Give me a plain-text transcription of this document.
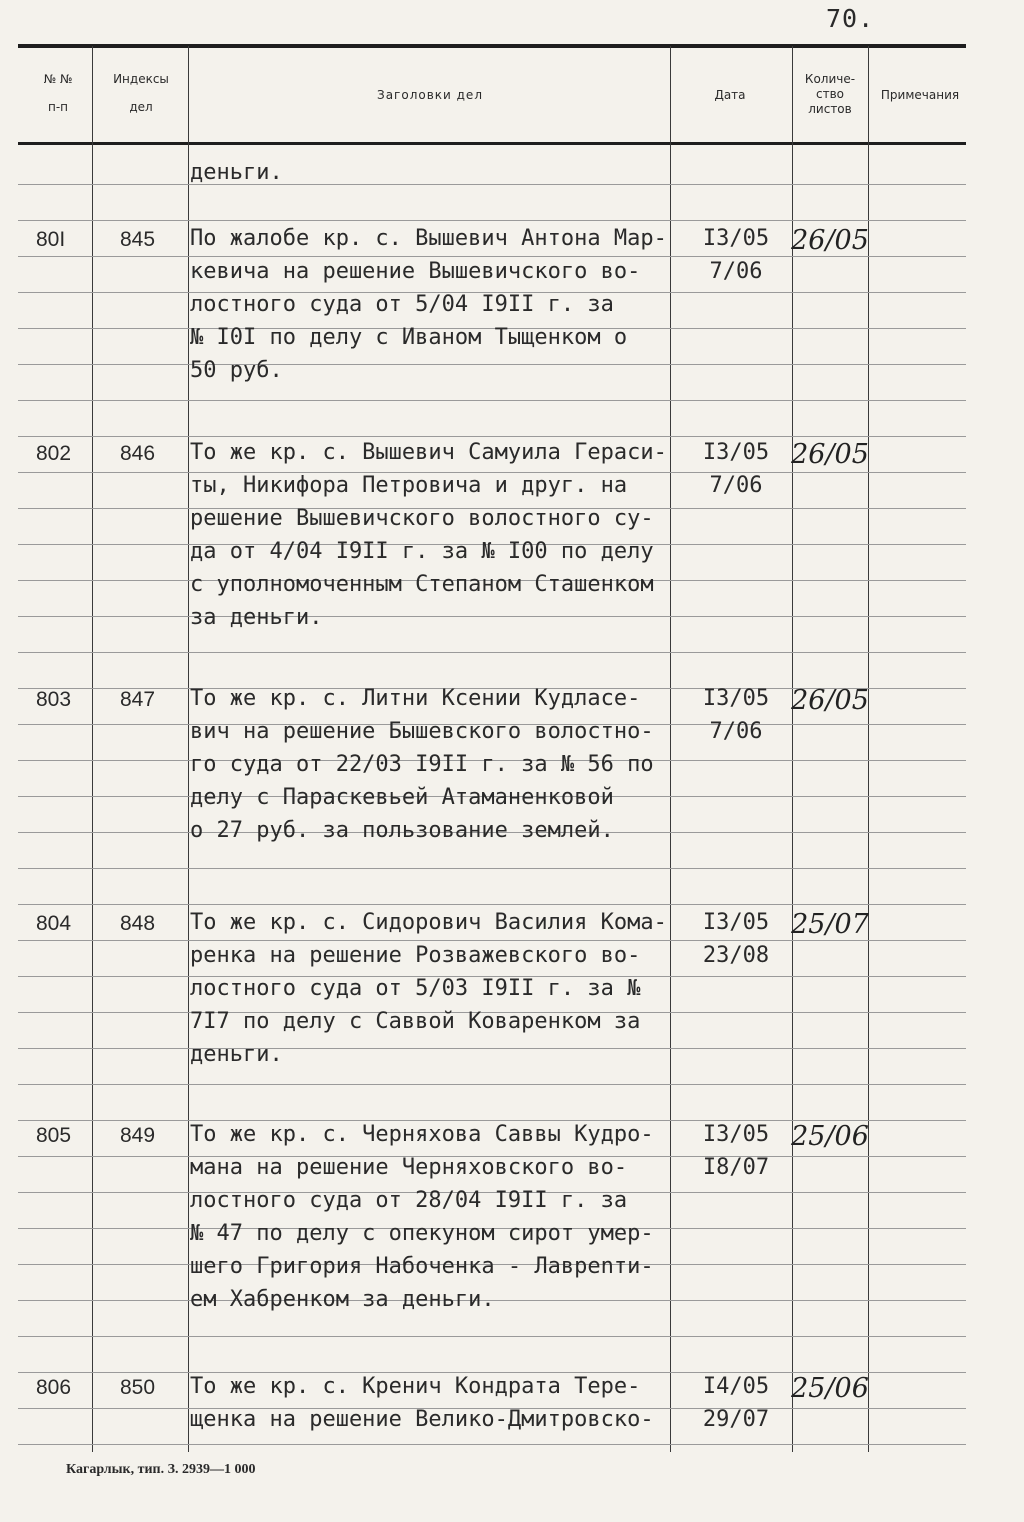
70.
№ №
п-п
Индексы
дел
Заголовки дел	Дата
Количе-
ство
листов
Примечания
деньги.
80I	845 По жалобе кр. с. Вышевич Антона Мар-
кевича на решение Вышевичского во-
лостного суда от 5/04 I9II г. за
№ I0I по делу с Иваном Тыщенком о
50 руб.
I3/05
7/06
26/05
802 846 То же кр. с. Вышевич Самуила Гераси-
ты, Никифора Петровича и друг. на
решение Вышевичского волостного су-
да от 4/04 I9II г. за № I00 по делу
с уполномоченным Степаном Сташенком
за деньги.
I3/05
7/06
26/05
803 847 То же кр. с. Литни Ксении Кудласе-
вич на решение Бышевского волостно-
го суда от 22/03 I9II г. за № 56 по
делу с Параскевьей Атаманенковой
о 27 руб. за пользование землей.
I3/05
7/06
26/05
804 848 То же кр. с. Сидорович Василия Кома-
ренка на решение Розважевского во-
лостного суда от 5/03 I9II г. за №
7I7 по делу с Саввой Коваренком за
деньги.
I3/05
23/08
25/07
805 849 То же кр. с. Черняхова Саввы Кудро-
мана на решение Черняховского во-
лостного суда от 28/04 I9II г. за
№ 47 по делу с опекуном сирот умер-
шего Григория Набоченка - Лаврenти-
ем Хабренком за деньги.
I3/05
I8/07
25/06
806 850 То же кр. с. Кренич Кондрата Тере-
щенка на решение Велико-Дмитровско-
I4/05
29/07
25/06
Кагарлык, тип. З. 2939—1 000
